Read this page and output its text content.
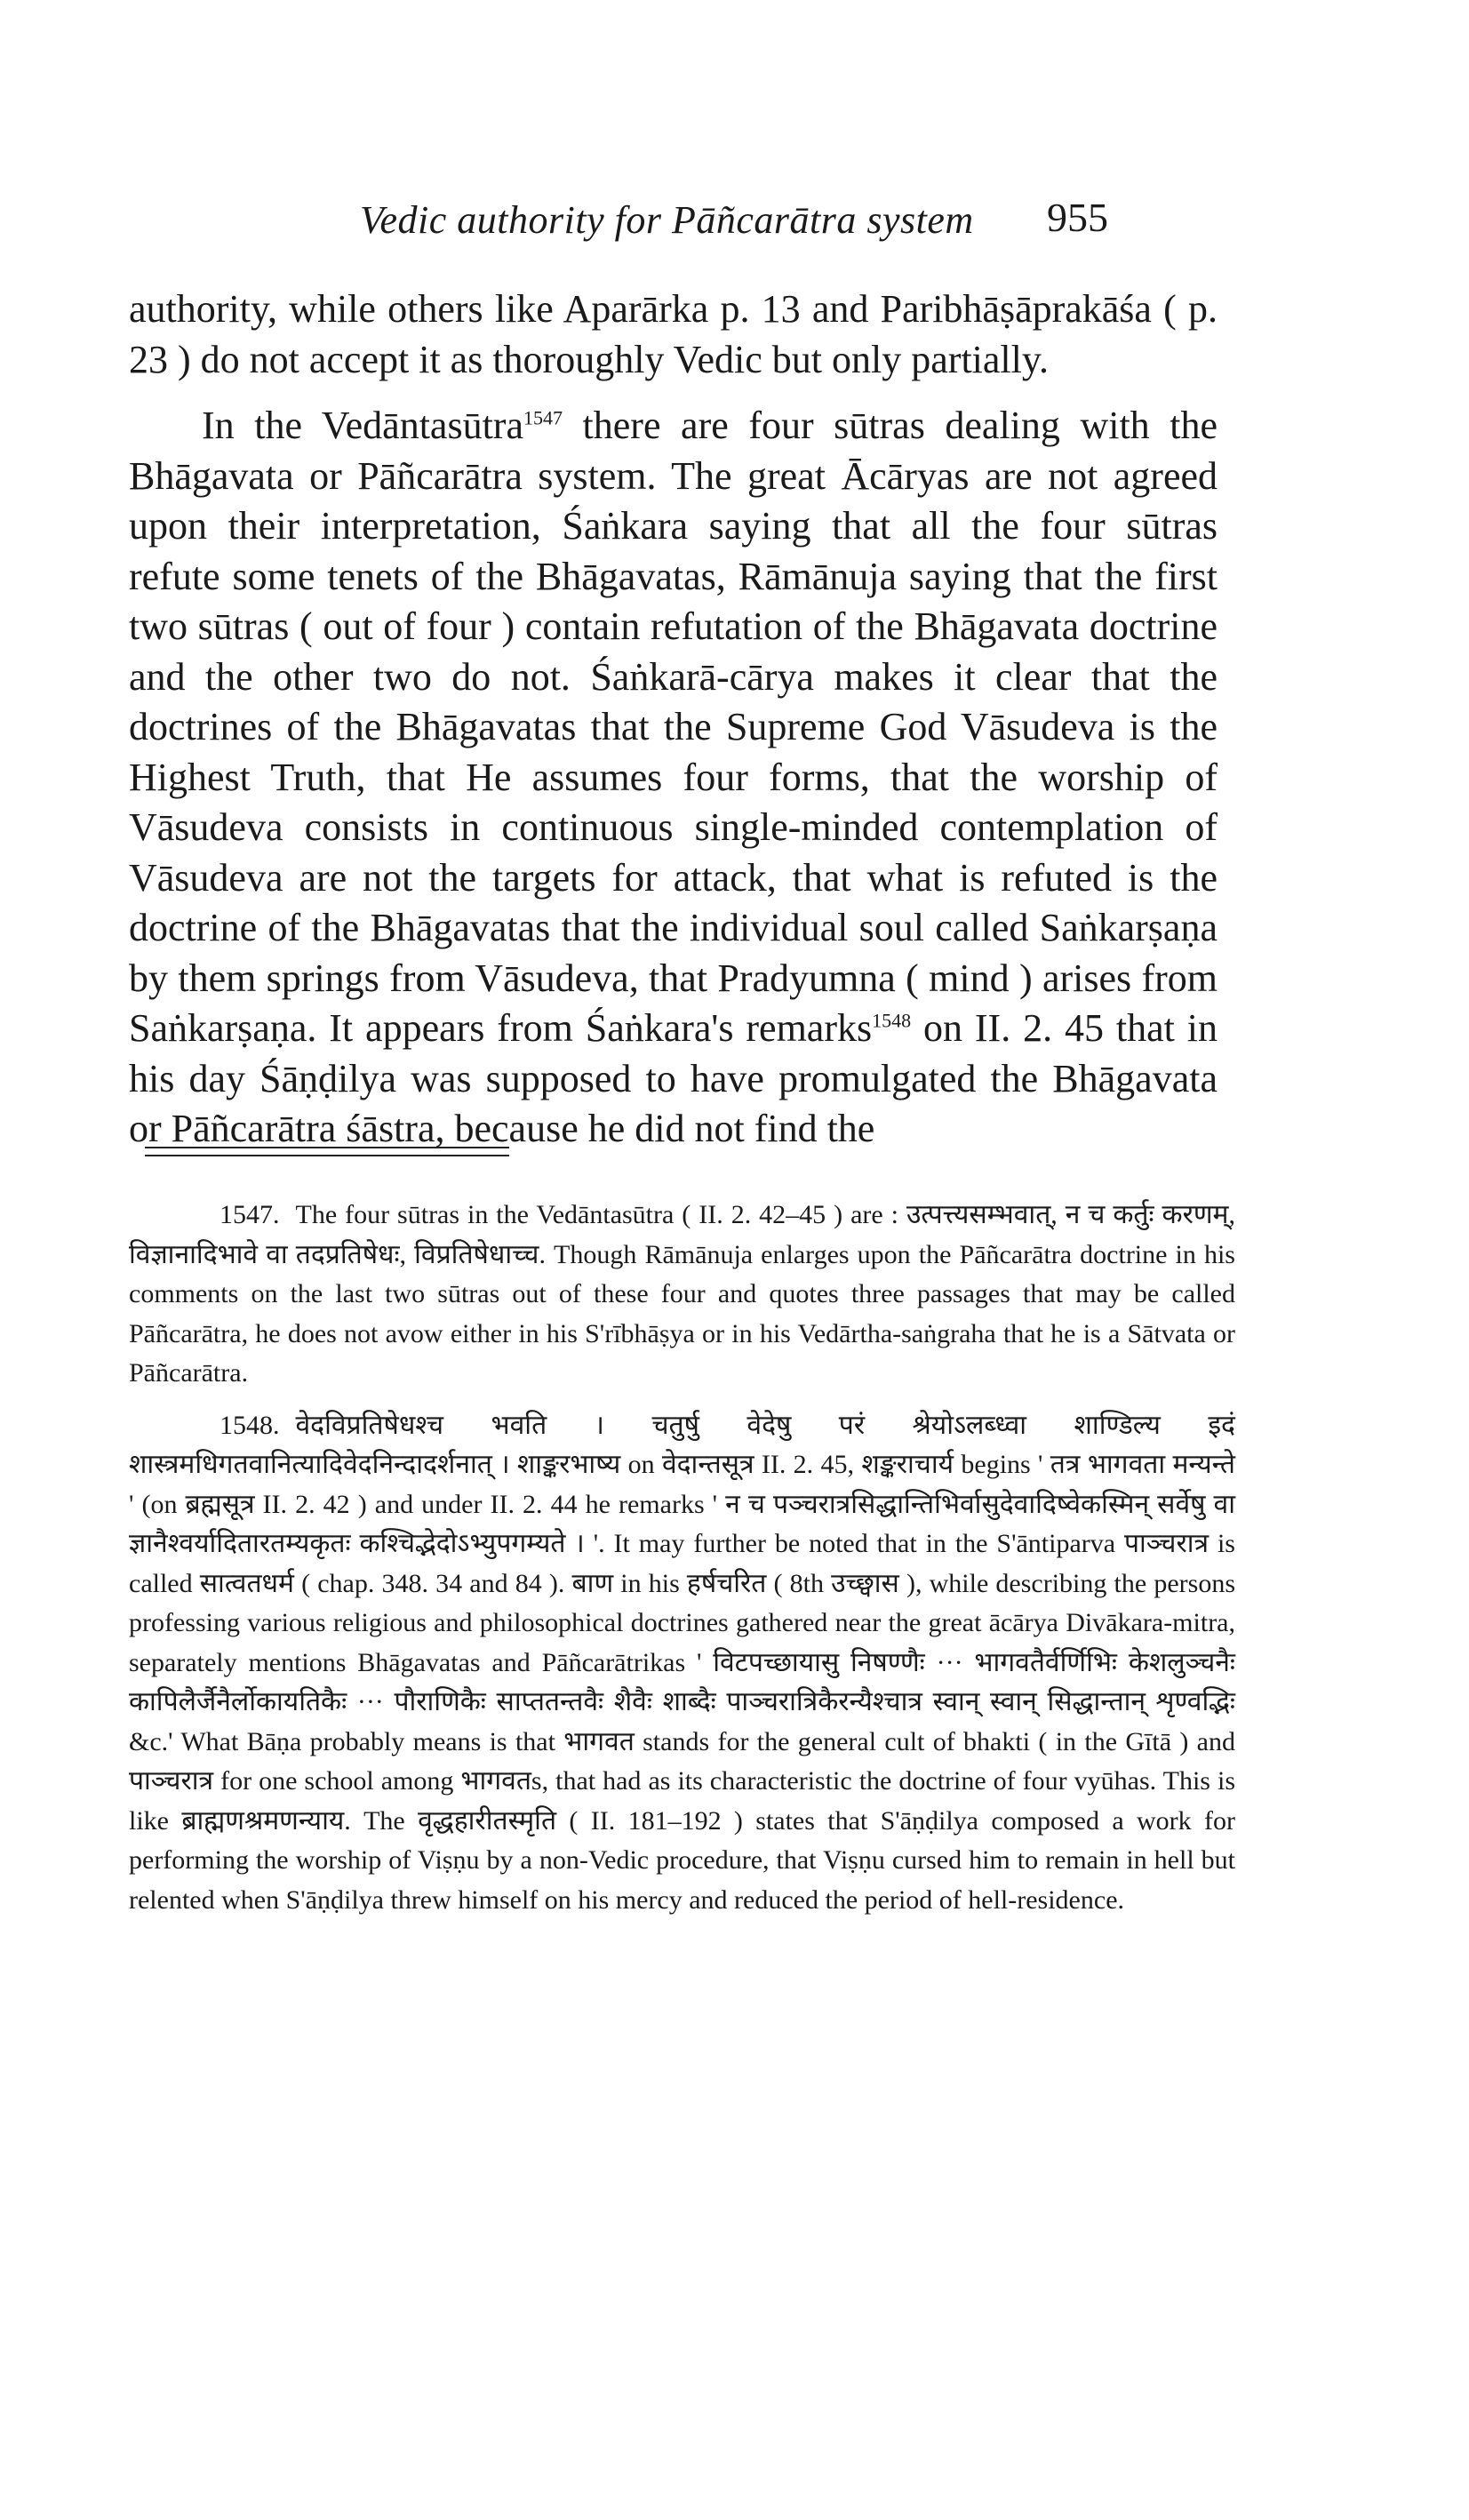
Vedic authority for Pāñcarātra system 955

authority, while others like Aparārka p. 13 and Paribhāṣāprakāśa ( p. 23 ) do not accept it as thoroughly Vedic but only partially.

In the Vedāntasūtra$^{1547}$ there are four sūtras dealing with the Bhāgavata or Pāñcarātra system. The great Ācāryas are not agreed upon their interpretation, Śaṅkara saying that all the four sūtras refute some tenets of the Bhāgavatas, Rāmānuja saying that the first two sūtras ( out of four ) contain refutation of the Bhāgavata doctrine and the other two do not. Śaṅkarā-cārya makes it clear that the doctrines of the Bhāgavatas that the Supreme God Vāsudeva is the Highest Truth, that He assumes four forms, that the worship of Vāsudeva consists in continuous single-minded contemplation of Vāsudeva are not the targets for attack, that what is refuted is the doctrine of the Bhāgavatas that the individual soul called Saṅkarṣaṇa by them springs from Vāsudeva, that Pradyumna ( mind ) arises from Saṅkarṣaṇa. It appears from Śaṅkara's remarks$^{1548}$ on II. 2. 45 that in his day Śāṇḍilya was supposed to have promulgated the Bhāgavata or Pāñcarātra śāstra, because he did not find the

1547. The four sūtras in the Vedāntasūtra ( II. 2. 42–45 ) are : उत्पत्त्यसम्भवात्, न च कर्तुः करणम्, विज्ञानादिभावे वा तदप्रतिषेधः, विप्रतिषेधाच्च. Though Rāmānuja enlarges upon the Pāñcarātra doctrine in his comments on the last two sūtras out of these four and quotes three passages that may be called Pāñcarātra, he does not avow either in his S'rībhāṣya or in his Vedārtha-saṅgraha that he is a Sātvata or Pāñcarātra.

1548. वेदविप्रतिषेधश्च भवति । चतुर्षु वेदेषु परं श्रेयोऽलब्ध्वा शाण्डिल्य इदं शास्त्रमधिगतवानित्यादिवेदनिन्दादर्शनात् । शाङ्करभाष्य on वेदान्तसूत्र II. 2. 45, शङ्कराचार्य begins ' तत्र भागवता मन्यन्ते ' (on ब्रह्मसूत्र II. 2. 42 ) and under II. 2. 44 he remarks ' न च पञ्चरात्रसिद्धान्तिभिर्वासुदेवादिष्वेकस्मिन् सर्वेषु वा ज्ञानैश्वर्यादितारतम्यकृतः कश्चिद्भेदोऽभ्युपगम्यते । '. It may further be noted that in the S'āntiparva पाञ्चरात्र is called सात्वतधर्म ( chap. 348. 34 and 84 ). बाण in his हर्षचरित ( 8th उच्छ्वास ), while describing the persons professing various religious and philosophical doctrines gathered near the great ācārya Divākara-mitra, separately mentions Bhāgavatas and Pāñcarātrikas ' विटपच्छायासु निषण्णैः ··· भागवतैर्वर्णिभिः केशलुञ्चनैः कापिलैर्जैनैर्लोकायतिकैः ··· पौराणिकैः साप्ततन्तवैः शैवैः शाब्दैः पाञ्चरात्रिकैरन्यैश्चात्र स्वान् स्वान् सिद्धान्तान् शृण्वद्भिः &c.' What Bāṇa probably means is that भागवत stands for the general cult of bhakti ( in the Gītā ) and पाञ्चरात्र for one school among भागवतs, that had as its characteristic the doctrine of four vyūhas. This is like ब्राह्मणश्रमणन्याय. The वृद्धहारीतस्मृति ( II. 181–192 ) states that S'āṇḍilya composed a work for performing the worship of Viṣṇu by a non-Vedic procedure, that Viṣṇu cursed him to remain in hell but relented when S'āṇḍilya threw himself on his mercy and reduced the period of hell-residence.
